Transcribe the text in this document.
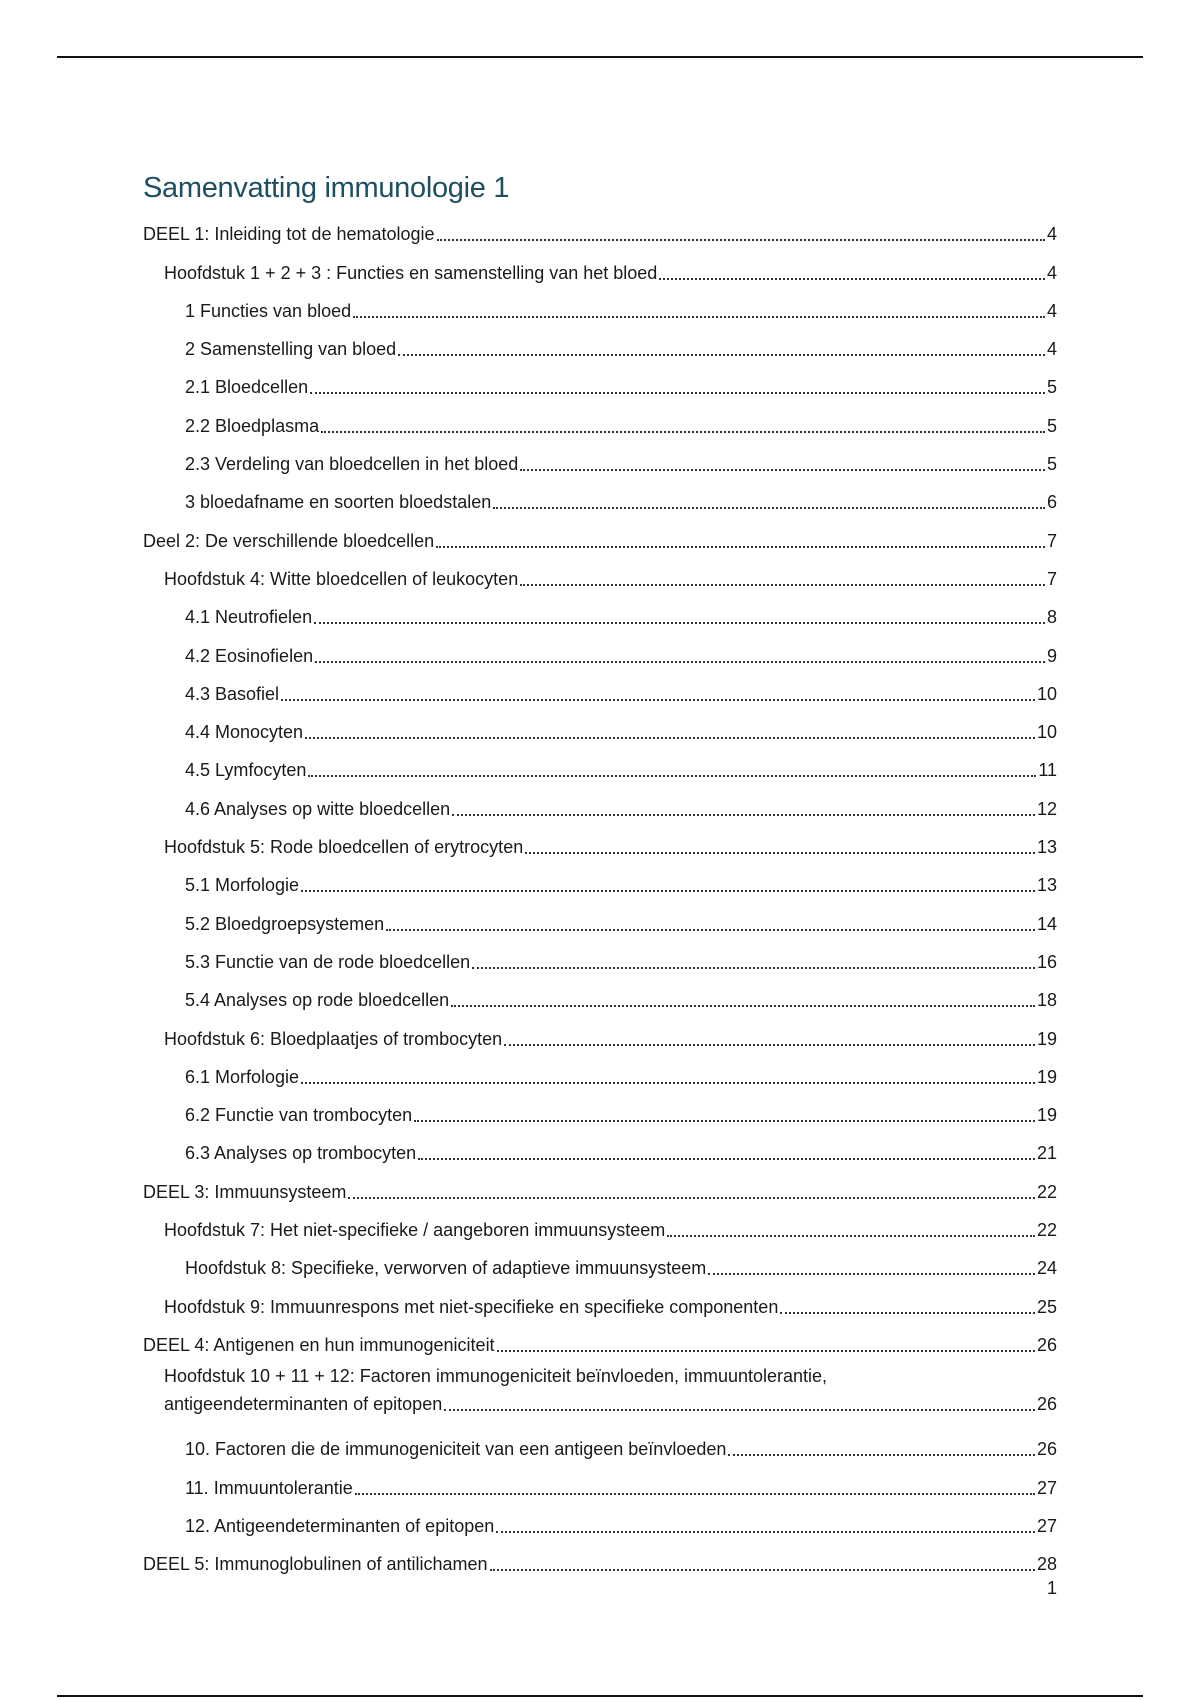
Samenvatting immunologie 1
DEEL 1: Inleiding tot de hematologie	4
Hoofdstuk 1 + 2 + 3 : Functies en samenstelling van het bloed	4
1 Functies van bloed	4
2 Samenstelling van bloed	4
2.1 Bloedcellen	5
2.2 Bloedplasma	5
2.3 Verdeling van bloedcellen in het bloed	5
3 bloedafname en soorten bloedstalen	6
Deel 2: De verschillende bloedcellen	7
Hoofdstuk 4: Witte bloedcellen of leukocyten	7
4.1 Neutrofielen	8
4.2 Eosinofielen	9
4.3 Basofiel	10
4.4 Monocyten	10
4.5 Lymfocyten	11
4.6 Analyses op witte bloedcellen	12
Hoofdstuk 5: Rode bloedcellen of erytrocyten	13
5.1 Morfologie	13
5.2 Bloedgroepsystemen	14
5.3 Functie van de rode bloedcellen	16
5.4 Analyses op rode bloedcellen	18
Hoofdstuk 6: Bloedplaatjes of trombocyten	19
6.1 Morfologie	19
6.2 Functie van trombocyten	19
6.3 Analyses op trombocyten	21
DEEL 3: Immuunsysteem	22
Hoofdstuk 7: Het niet-specifieke / aangeboren immuunsysteem	22
Hoofdstuk 8: Specifieke, verworven of adaptieve immuunsysteem	24
Hoofdstuk 9: Immuunrespons met niet-specifieke en specifieke componenten	25
DEEL 4: Antigenen en hun immunogeniciteit	26
Hoofdstuk 10 + 11 + 12: Factoren immunogeniciteit beïnvloeden, immuuntolerantie,
antigeendeterminanten of epitopen	26
10. Factoren die de immunogeniciteit van een antigeen beïnvloeden	26
11. Immuuntolerantie	27
12. Antigeendeterminanten of epitopen	27
DEEL 5: Immunoglobulinen of antilichamen	28
1
